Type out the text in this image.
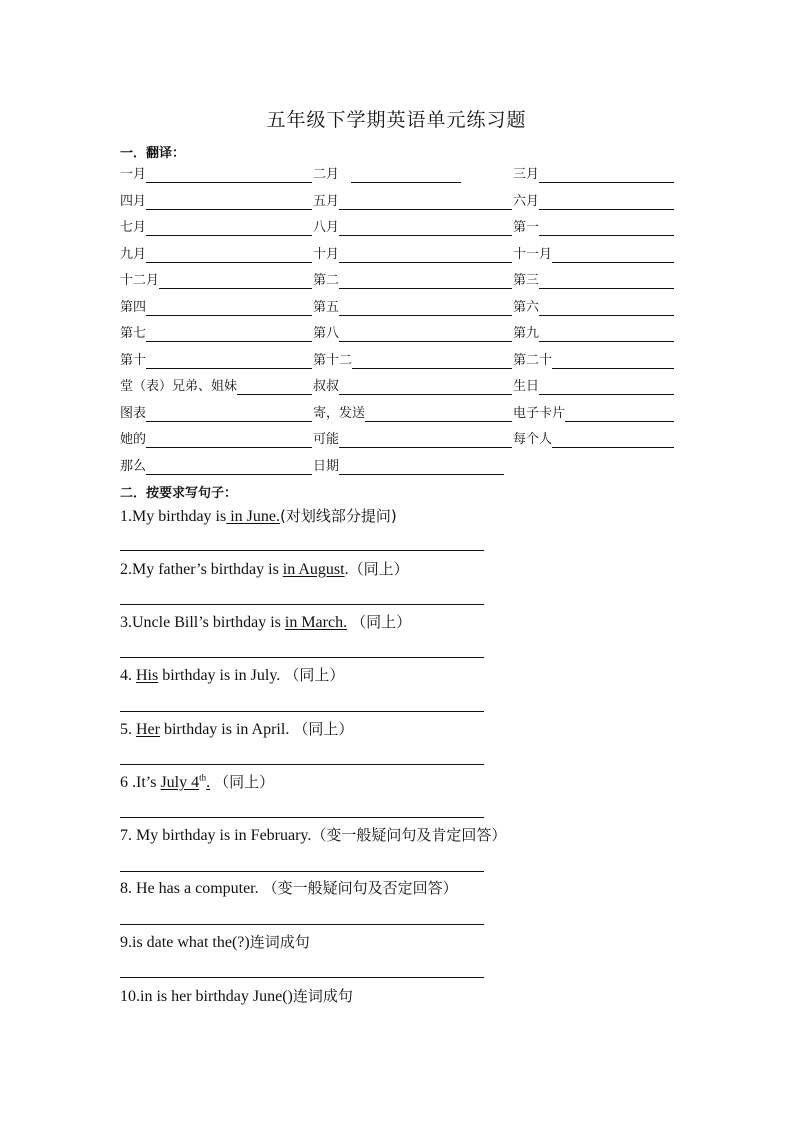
五年级下学期英语单元练习题
一．翻译：
一月	二月	三月
四月	五月	六月
七月	八月	第一
九月	十月	十一月
十二月	第二	第三
第四	第五	第六
第七	第八	第九
第十	第十二	第二十
堂（表）兄弟、姐妹	叔叔	生日
图表	寄，发送	电子卡片
她的	可能	每个人
那么	日期
二．按要求写句子：
1.My birthday is in June.(对划线部分提问)
2.My father’s birthday is in August.（同上）
3.Uncle Bill’s birthday is in March. （同上）
4. His birthday is in July. （同上）
5. Her birthday is in April. （同上）
6 .It’s July 4th. （同上）
7. My birthday is in February.（变一般疑问句及肯定回答）
8. He has a computer. （变一般疑问句及否定回答）
9.is date what the(?)连词成句
10.in is her birthday June()连词成句
